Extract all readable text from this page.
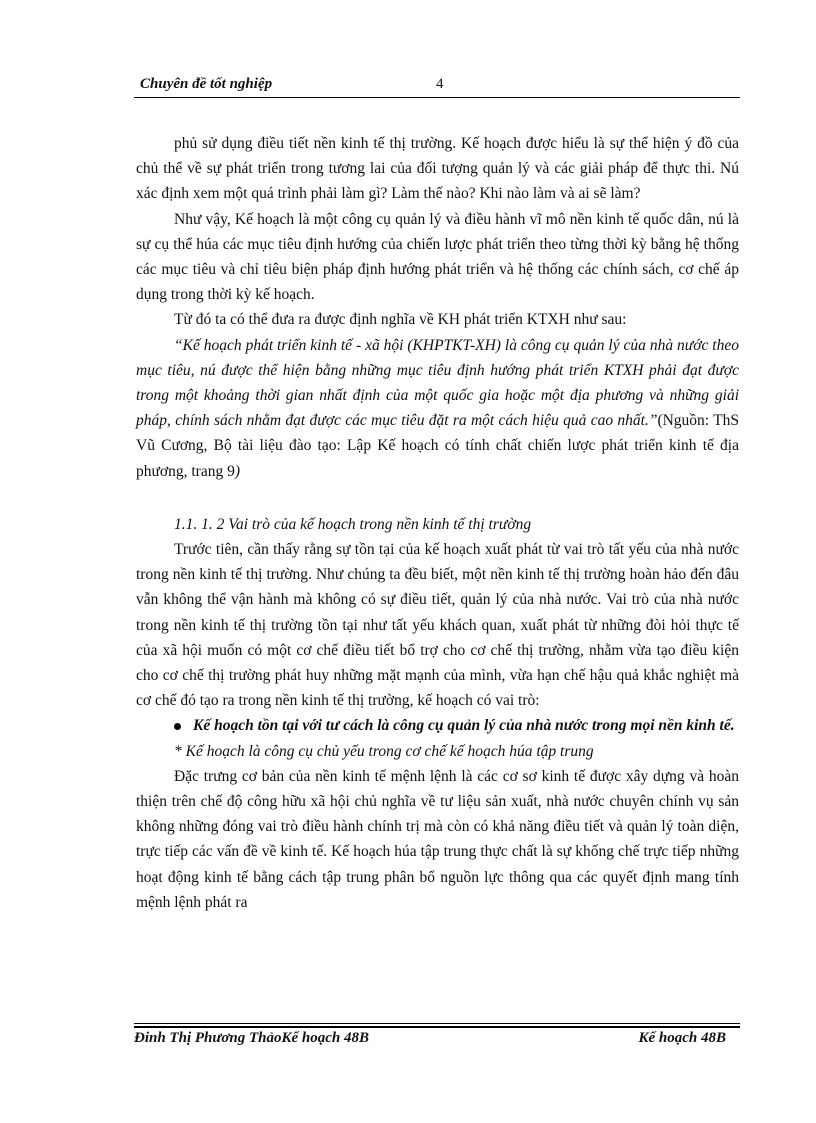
Chuyên đề tốt nghiệp	4

phủ sử dụng điều tiết nền kinh tế thị trường. Kế hoạch được hiểu là sự thể hiện ý đồ của chủ thể về sự phát triển trong tương lai của đối tượng quản lý và các giải pháp để thực thi. Nú xác định xem một quá trình phải làm gì? Làm thế nào? Khi nào làm và ai sẽ làm?

Như vậy, Kế hoạch là một công cụ quản lý và điều hành vĩ mô nền kinh tế quốc dân, nú là sự cụ thể húa các mục tiêu định hướng của chiến lược phát triển theo từng thời kỳ bằng hệ thống các mục tiêu và chỉ tiêu biện pháp định hướng phát triển và hệ thống các chính sách, cơ chế áp dụng trong thời kỳ kế hoạch.

Từ đó ta có thể đưa ra được định nghĩa về KH phát triển KTXH như sau:

“Kế hoạch phát triển kinh tế - xã hội (KHPTKT-XH) là công cụ quản lý của nhà nước theo mục tiêu, nú được thể hiện bằng những mục tiêu định hướng phát triển KTXH phải đạt được trong một khoảng thời gian nhất định của một quốc gia hoặc một địa phương và những giải pháp, chính sách nhằm đạt được các mục tiêu đặt ra một cách hiệu quả cao nhất.”(Nguồn: ThS Vũ Cương, Bộ tài liệu đào tạo: Lập Kế hoạch có tính chất chiến lược phát triển kinh tế địa phương, trang 9)

1.1. 1. 2 Vai trò của kế hoạch trong nền kinh tế thị trường

Trước tiên, cần thấy rằng sự tồn tại của kế hoạch xuất phát từ vai trò tất yếu của nhà nước trong nền kinh tế thị trường. Như chúng ta đều biết, một nền kinh tế thị trường hoàn hảo đến đâu vẫn không thể vận hành mà không có sự điều tiết, quản lý của nhà nước. Vai trò của nhà nước trong nền kinh tế thị trường tồn tại như tất yếu khách quan, xuất phát từ những đòi hỏi thực tế của xã hội muốn có một cơ chế điều tiết bổ trợ cho cơ chế thị trường, nhằm vừa tạo điều kiện cho cơ chế thị trường phát huy những mặt mạnh của mình, vừa hạn chế hậu quả khắc nghiệt mà cơ chế đó tạo ra trong nền kinh tế thị trường, kế hoạch có vai trò:

Kế hoạch tồn tại với tư cách là công cụ quản lý của nhà nước trong mọi nền kinh tế.

* Kế hoạch là công cụ chủ yếu trong cơ chế kế hoạch húa tập trung

Đặc trưng cơ bản của nền kinh tế mệnh lệnh là các cơ sơ kinh tế được xây dựng và hoàn thiện trên chế độ công hữu xã hội chủ nghĩa về tư liệu sản xuất, nhà nước chuyên chính vụ sản không những đóng vai trò điều hành chính trị mà còn có khả năng điều tiết và quản lý toàn diện, trực tiếp các vấn đề về kinh tế. Kế hoạch húa tập trung thực chất là sự khống chế trực tiếp những hoạt động kinh tế bằng cách tập trung phân bổ nguồn lực thông qua các quyết định mang tính mệnh lệnh phát ra

Đinh Thị Phương ThảoKế hoạch 48B	Kế hoạch 48B
